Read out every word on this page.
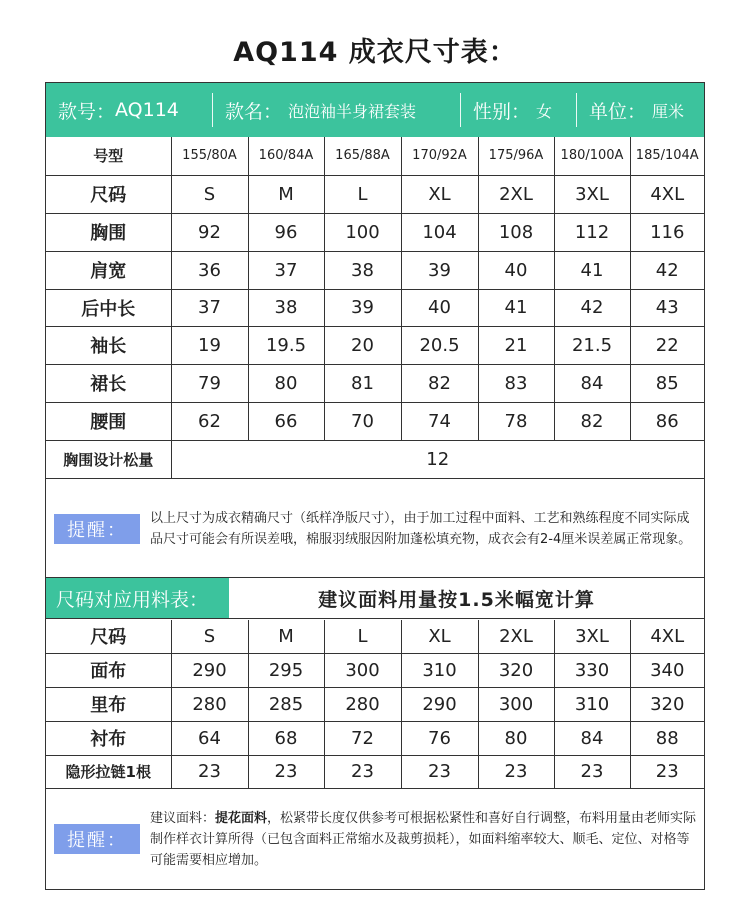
AQ114 成衣尺寸表：
款号： AQ114 款名： 泡泡袖半身裙套装	性别： 女 单位： 厘米
号型	155/80A	160/84A	165/88A	170/92A	175/96A	180/100A	185/104A
尺码	S	M	L	XL	2XL	3XL	4XL
胸围	92	96	100	104	108	112	116
肩宽	36	37	38	39	40	41	42
后中长	37	38	39	40	41	42	43
袖长	19	19.5	20	20.5	21	21.5	22
裙长	79	80	81	82	83	84	85
腰围	62	66	70	74	78	82	86
胸围设计松量	12						
提醒：
以上尺寸为成衣精确尺寸（纸样净版尺寸），由于加工过程中面料、工艺和熟练程度不同实际成品尺寸可能会有所误差哦，棉服羽绒服因附加蓬松填充物，成衣会有2-4厘米误差属正常现象。
尺码对应用料表：	建议面料用量按1.5米幅宽计算
尺码	S	M	L	XL	2XL	3XL	4XL
面布	290	295	300	310	320	330	340
里布	280	285	280	290	300	310	320
衬布	64	68	72	76	80	84	88
隐形拉链1根	23	23	23	23	23	23	23
提醒：
建议面料：提花面料，松紧带长度仅供参考可根据松紧性和喜好自行调整，布料用量由老师实际制作样衣计算所得（已包含面料正常缩水及裁剪损耗），如面料缩率较大、顺毛、定位、对格等可能需要相应增加。
